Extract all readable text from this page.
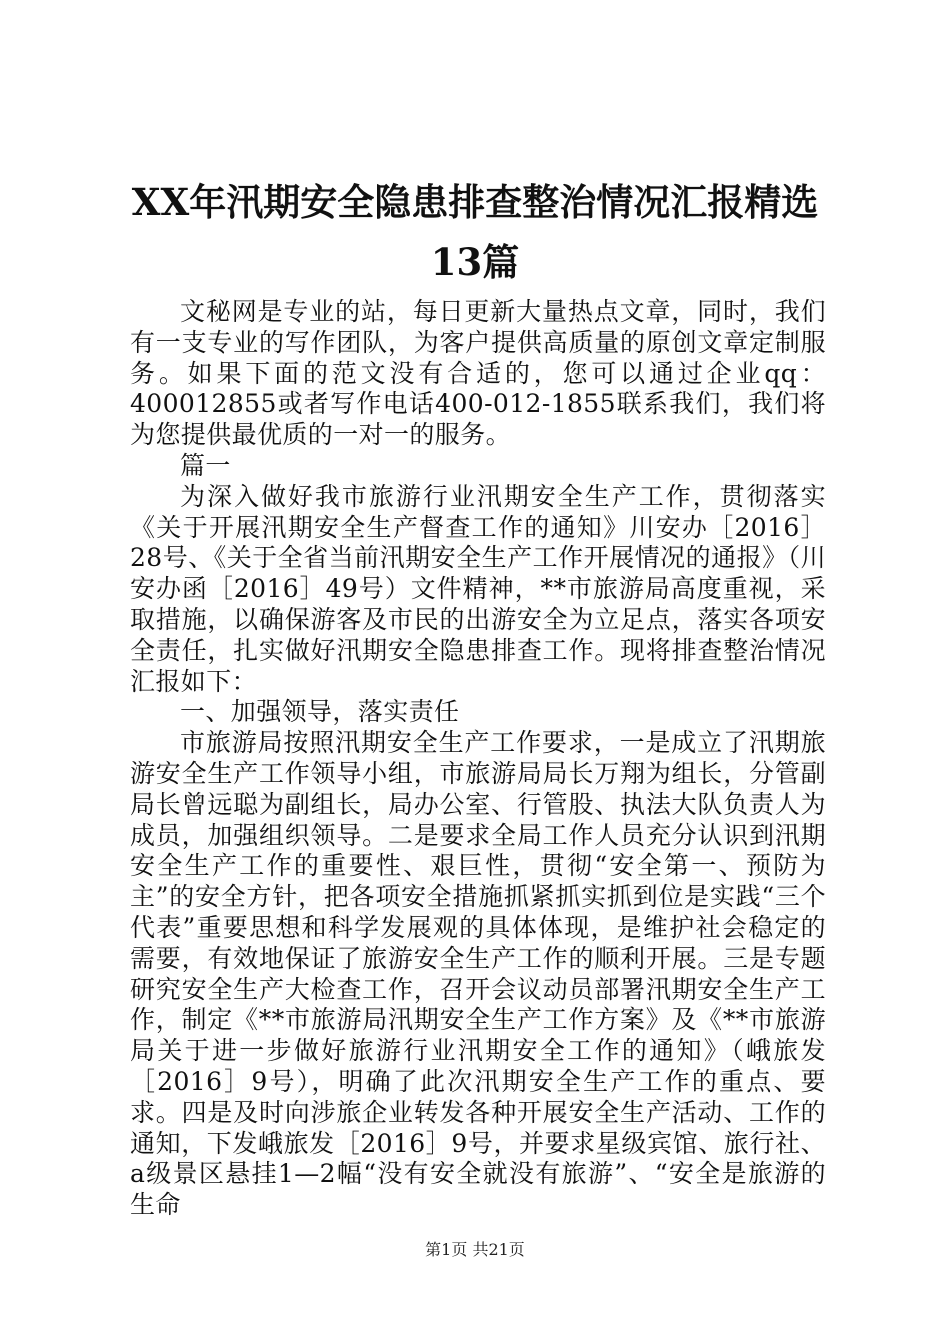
XX年汛期安全隐患排查整治情况汇报精选13篇

文秘网是专业的站，每日更新大量热点文章，同时，我们有一支专业的写作团队，为客户提供高质量的原创文章定制服务。如果下面的范文没有合适的，您可以通过企业qq：400012855或者写作电话400-012-1855联系我们，我们将为您提供最优质的一对一的服务。

篇一

为深入做好我市旅游行业汛期安全生产工作，贯彻落实《关于开展汛期安全生产督查工作的通知》川安办［2016］28号、《关于全省当前汛期安全生产工作开展情况的通报》（川安办函［2016］49号）文件精神，**市旅游局高度重视，采取措施，以确保游客及市民的出游安全为立足点，落实各项安全责任，扎实做好汛期安全隐患排查工作。现将排查整治情况汇报如下：

一、加强领导，落实责任

市旅游局按照汛期安全生产工作要求，一是成立了汛期旅游安全生产工作领导小组，市旅游局局长万翔为组长，分管副局长曾远聪为副组长，局办公室、行管股、执法大队负责人为成员，加强组织领导。二是要求全局工作人员充分认识到汛期安全生产工作的重要性、艰巨性，贯彻“安全第一、预防为主”的安全方针，把各项安全措施抓紧抓实抓到位是实践“三个代表”重要思想和科学发展观的具体体现，是维护社会稳定的需要，有效地保证了旅游安全生产工作的顺利开展。三是专题研究安全生产大检查工作，召开会议动员部署汛期安全生产工作，制定《**市旅游局汛期安全生产工作方案》及《**市旅游局关于进一步做好旅游行业汛期安全工作的通知》（峨旅发［2016］9号），明确了此次汛期安全生产工作的重点、要求。四是及时向涉旅企业转发各种开展安全生产活动、工作的通知，下发峨旅发［2016］9号，并要求星级宾馆、旅行社、a级景区悬挂1—2幅“没有安全就没有旅游”、“安全是旅游的生命

第1页 共21页
